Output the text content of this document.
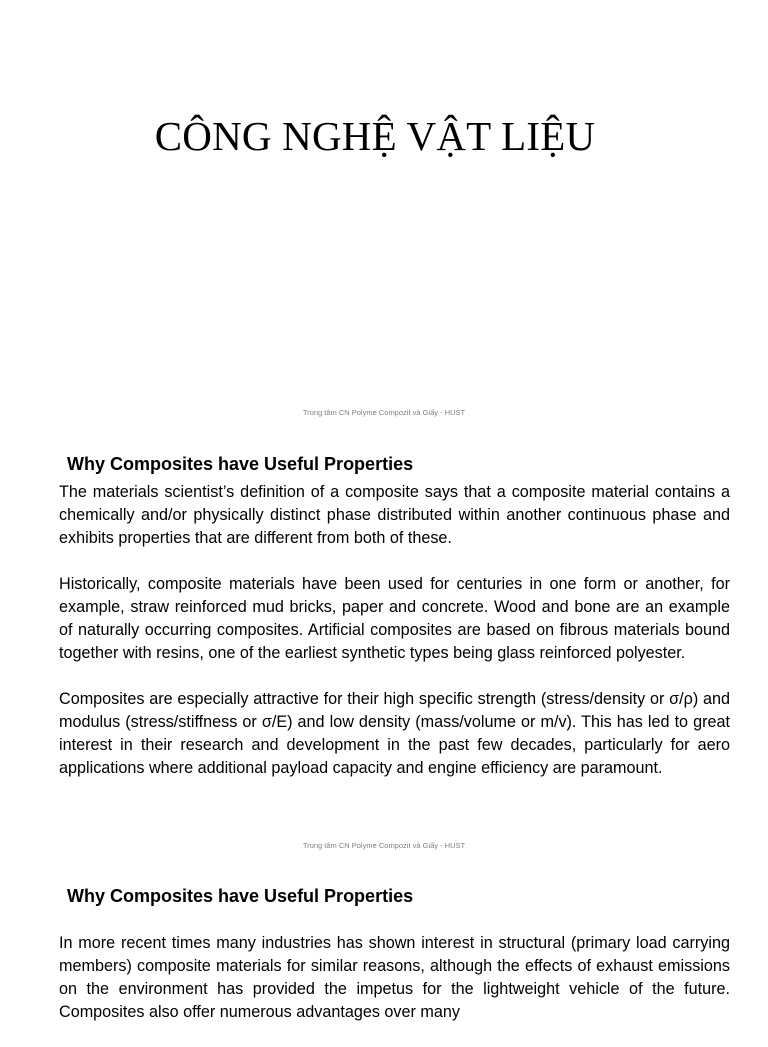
CÔNG NGHỆ VẬT LIỆU
Trung tâm CN Polyme Compozit và Giấy - HUST
Why Composites have Useful Properties

The materials scientist’s definition of a composite says that a composite material contains a chemically and/or physically distinct phase distributed within another continuous phase and exhibits properties that are different from both of these.

Historically, composite materials have been used for centuries in one form or another, for example, straw reinforced mud bricks, paper and concrete. Wood and bone are an example of naturally occurring composites. Artificial composites are based on fibrous materials bound together with resins, one of the earliest synthetic types being glass reinforced polyester.

Composites are especially attractive for their high specific strength (stress/density or σ/ρ) and modulus (stress/stiffness or σ/E) and low density (mass/volume or m/v). This has led to great interest in their research and development in the past few decades, particularly for aero applications where additional payload capacity and engine efficiency are paramount.

Trung tâm CN Polyme Compozit và Giấy - HUST
Why Composites have Useful Properties

In more recent times many industries has shown interest in structural (primary load carrying members) composite materials for similar reasons, although the effects of exhaust emissions on the environment has provided the impetus for the lightweight vehicle of the future. Composites also offer numerous advantages over many
